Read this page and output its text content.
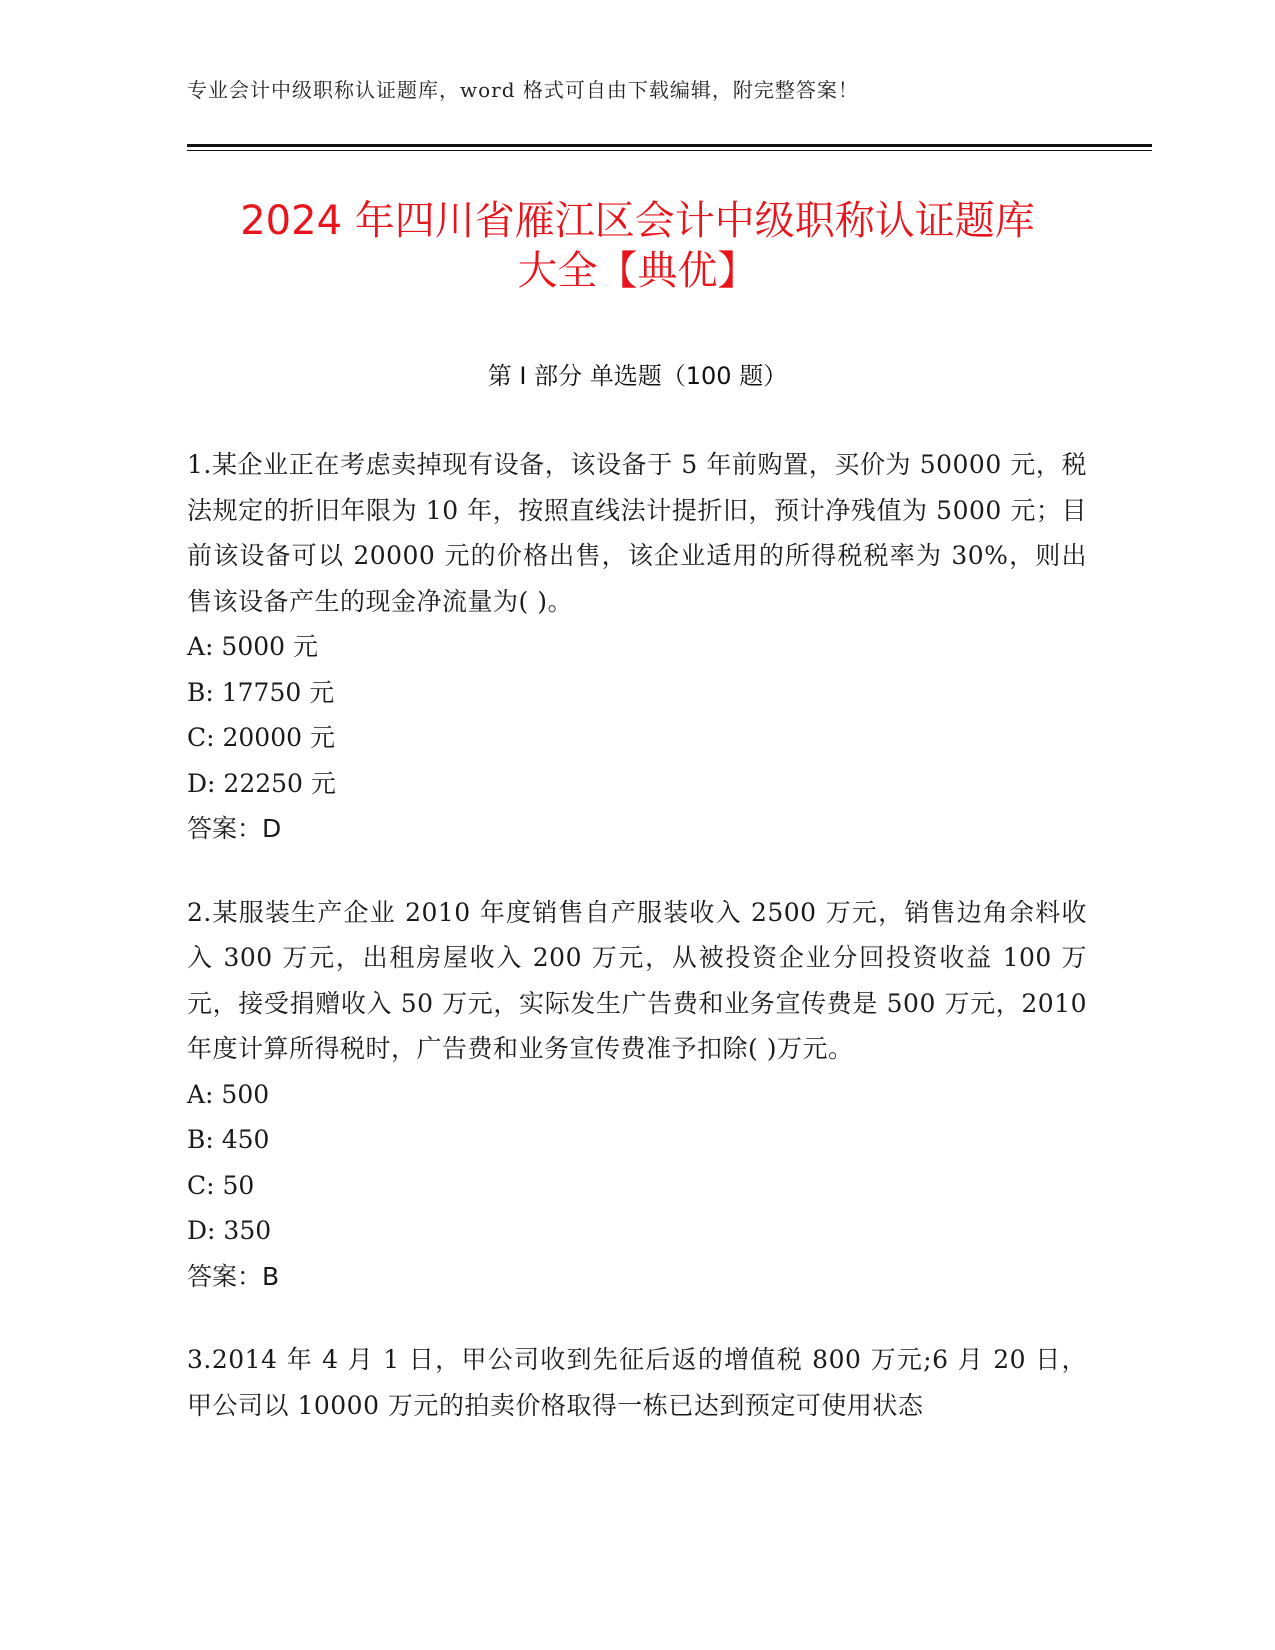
专业会计中级职称认证题库，word 格式可自由下载编辑，附完整答案！
2024 年四川省雁江区会计中级职称认证题库
大全【典优】
第 I 部分 单选题（100 题）

1.某企业正在考虑卖掉现有设备，该设备于 5 年前购置，买价为 50000 元，税法规定的折旧年限为 10 年，按照直线法计提折旧，预计净残值为 5000 元；目前该设备可以 20000 元的价格出售，该企业适用的所得税税率为 30%，则出售该设备产生的现金净流量为( )。

A: 5000 元

B: 17750 元

C: 20000 元

D: 22250 元

答案：D

2.某服装生产企业 2010 年度销售自产服装收入 2500 万元，销售边角余料收入 300 万元，出租房屋收入 200 万元，从被投资企业分回投资收益 100 万元，接受捐赠收入 50 万元，实际发生广告费和业务宣传费是 500 万元，2010 年度计算所得税时，广告费和业务宣传费准予扣除( )万元。

A: 500

B: 450

C: 50

D: 350

答案：B

3.2014 年 4 月 1 日，甲公司收到先征后返的增值税 800 万元;6 月 20 日，甲公司以 10000 万元的拍卖价格取得一栋已达到预定可使用状态
